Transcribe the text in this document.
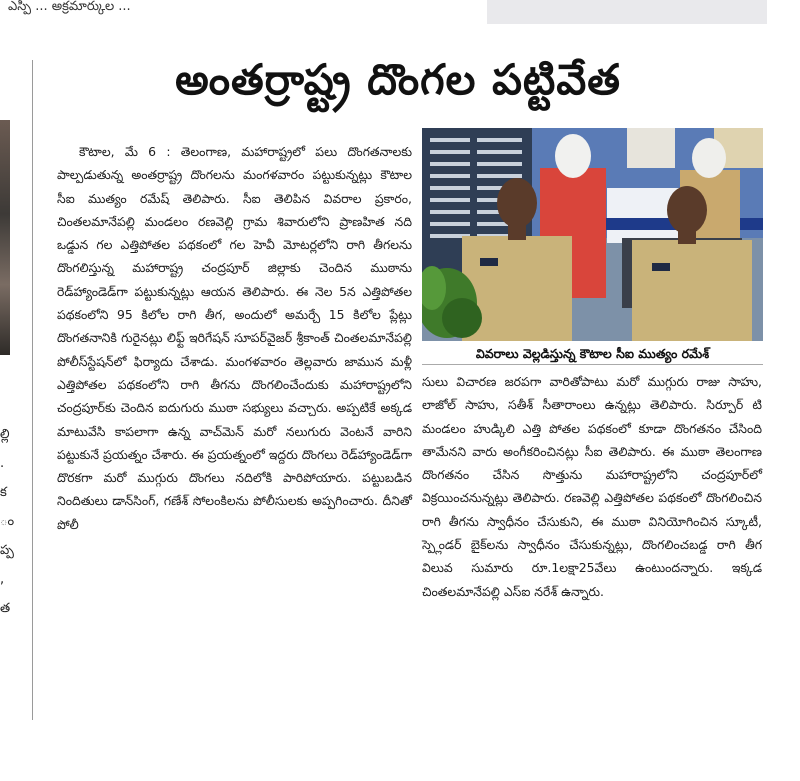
ఎస్పీ ... అక్రమార్కుల ...
ల్లి
.
క
ం
ప్ప
,
త
అంతర్రాష్ట్ర దొంగల పట్టివేత

కౌటాల, మే 6 : తెలంగాణ, మహారాష్ట్రలో పలు దొంగతనాలకు పాల్పడుతున్న అంతర్రాష్ట్ర దొంగలను మంగళవారం పట్టుకున్నట్లు కౌటాల సీఐ ముత్యం రమేష్ తెలిపారు. సీఐ తెలిపిన వివరాల ప్రకారం, చింతలమానేపల్లి మండలం రణవెల్లి గ్రామ శివారులోని ప్రాణహిత నది ఒడ్డున గల ఎత్తిపోతల పథకంలో గల హెవీ మోటర్లలోని రాగి తీగలను దొంగలిస్తున్న మహారాష్ట్ర చంద్రపూర్ జిల్లాకు చెందిన ముఠాను రెడ్‌హ్యాండెడ్‌గా పట్టుకున్నట్లు ఆయన తెలిపారు. ఈ నెల 5న ఎత్తిపోతల పథకంలోని 95 కిలోల రాగి తీగ, అందులో అమర్చే 15 కిలోల ప్లేట్లు దొంగతనానికి గురైనట్లు లిఫ్ట్ ఇరిగేషన్ సూపర్‌వైజర్ శ్రీకాంత్ చింతలమానేపల్లి పోలీస్‌స్టేషన్‌లో ఫిర్యాదు చేశాడు. మంగళవారం తెల్లవారు జామున మళ్లీ ఎత్తిపోతల పథకంలోని రాగి తీగను దొంగలించేందుకు మహారాష్ట్రలోని చంద్రపూర్‌కు చెందిన ఐదుగురు ముఠా సభ్యులు వచ్చారు. అప్పటికే అక్కడ మాటువేసి కాపలాగా ఉన్న వాచ్‌మెన్ మరో నలుగురు వెంటనే వారిని పట్టుకునే ప్రయత్నం చేశారు. ఈ ప్రయత్నంలో ఇద్దరు దొంగలు రెడ్‌హ్యాండెడ్‌గా దొరకగా మరో ముగ్గురు దొంగలు నదిలోకి పారిపోయారు. పట్టుబడిన నిందితులు డాన్‌సింగ్, గణేశ్ సోలంకిలను పోలీసులకు అప్పగించారు. దీనితో పోలీ

వివరాలు వెల్లడిస్తున్న కౌటాల సీఐ ముత్యం రమేశ్

సులు విచారణ జరపగా వారితోపాటు మరో ముగ్గురు రాజు సాహు, లాజోల్ సాహు, సతీశ్ సీతారాంలు ఉన్నట్లు తెలిపారు. సిర్పూర్ టి మండలం హుడ్కిలి ఎత్తి పోతల పథకంలో కూడా దొంగతనం చేసింది తామేనని వారు అంగీకరించినట్లు సీఐ తెలిపారు. ఈ ముఠా తెలంగాణ దొంగతనం చేసిన సొత్తును మహారాష్ట్రలోని చంద్రపూర్‌లో విక్రయించనున్నట్లు తెలిపారు. రణవెల్లి ఎత్తిపోతల పథకంలో దొంగలించిన రాగి తీగను స్వాధీనం చేసుకుని, ఈ ముఠా వినియోగించిన స్కూటీ, స్ప్లెండర్ బైక్‌లను స్వాధీనం చేసుకున్నట్లు, దొంగలించబడ్డ రాగి తీగ విలువ సుమారు రూ.1లక్షా25వేలు ఉంటుందన్నారు. ఇక్కడ చింతలమానేపల్లి ఎస్ఐ నరేశ్ ఉన్నారు.
